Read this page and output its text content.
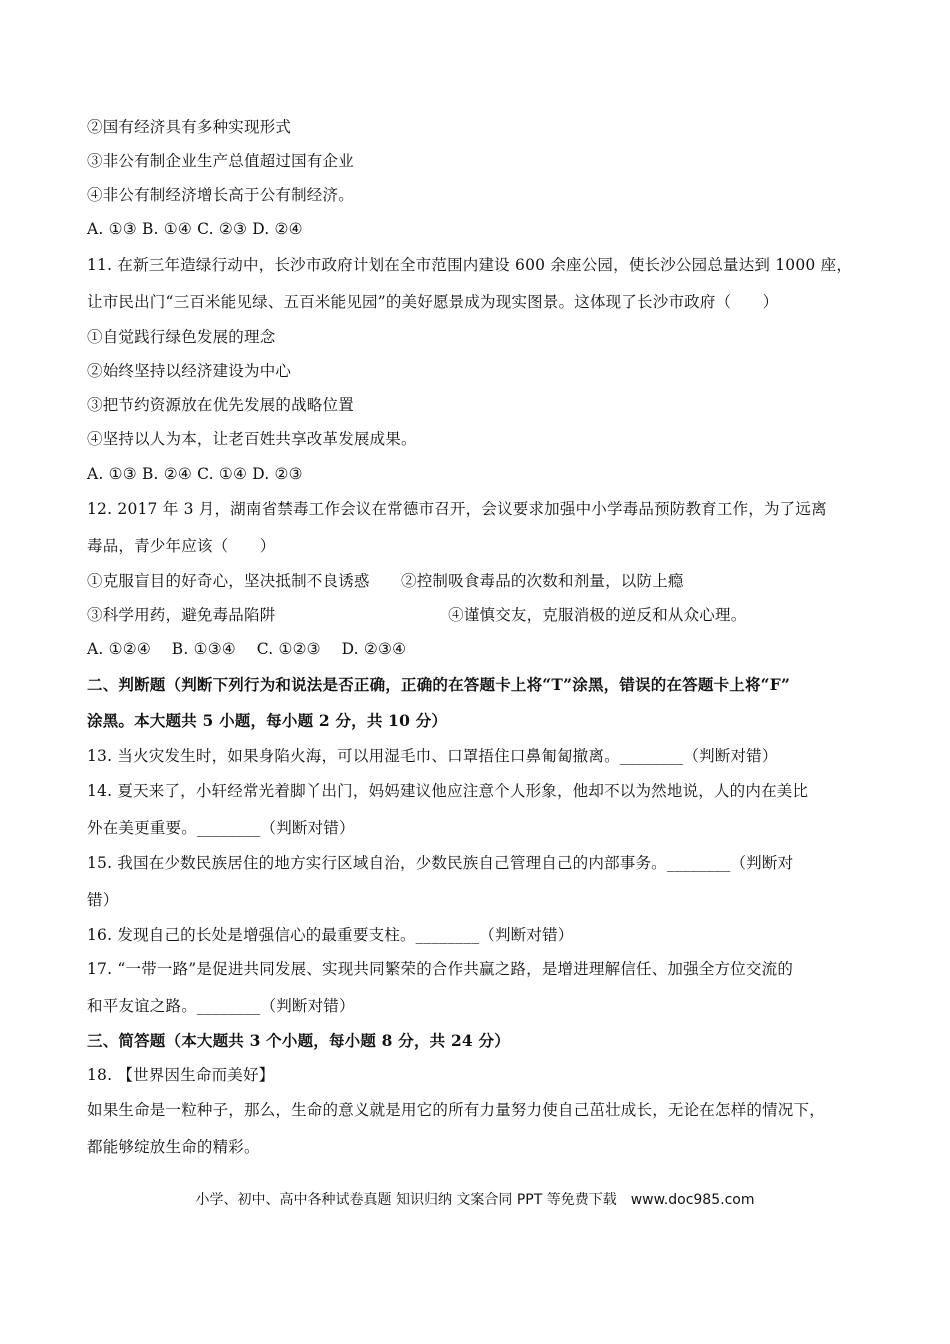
②国有经济具有多种实现形式
③非公有制企业生产总值超过国有企业
④非公有制经济增长高于公有制经济。
A. ①③ B. ①④ C. ②③ D. ②④
11. 在新三年造绿行动中，长沙市政府计划在全市范围内建设 600 余座公园，使长沙公园总量达到 1000 座，
让市民出门“三百米能见绿、五百米能见园”的美好愿景成为现实图景。这体现了长沙市政府（　　）
①自觉践行绿色发展的理念
②始终坚持以经济建设为中心
③把节约资源放在优先发展的战略位置
④坚持以人为本，让老百姓共享改革发展成果。
A. ①③ B. ②④ C. ①④ D. ②③
12. 2017 年 3 月，湖南省禁毒工作会议在常德市召开，会议要求加强中小学毒品预防教育工作，为了远离
毒品，青少年应该（　　）
①克服盲目的好奇心，坚决抵制不良诱惑　　②控制吸食毒品的次数和剂量，以防上瘾
③科学用药，避免毒品陷阱　　　　　　　　　　　④谨慎交友，克服消极的逆反和从众心理。
A. ①②④　 B. ①③④　 C. ①②③　 D. ②③④
二、判断题（判断下列行为和说法是否正确，正确的在答题卡上将“T”涂黑，错误的在答题卡上将“F”
涂黑。本大题共 5 小题，每小题 2 分，共 10 分）
13. 当火灾发生时，如果身陷火海，可以用湿毛巾、口罩捂住口鼻匍匐撤离。________（判断对错）
14. 夏天来了，小轩经常光着脚丫出门，妈妈建议他应注意个人形象，他却不以为然地说，人的内在美比
外在美更重要。________（判断对错）
15. 我国在少数民族居住的地方实行区域自治，少数民族自己管理自己的内部事务。________（判断对
错）
16. 发现自己的长处是增强信心的最重要支柱。________（判断对错）
17. “一带一路”是促进共同发展、实现共同繁荣的合作共赢之路，是增进理解信任、加强全方位交流的
和平友谊之路。________（判断对错）
三、简答题（本大题共 3 个小题，每小题 8 分，共 24 分）
18. 【世界因生命而美好】
如果生命是一粒种子，那么，生命的意义就是用它的所有力量努力使自己茁壮成长，无论在怎样的情况下，
都能够绽放生命的精彩。
小学、初中、高中各种试卷真题 知识归纳 文案合同 PPT 等免费下载　www.doc985.com
